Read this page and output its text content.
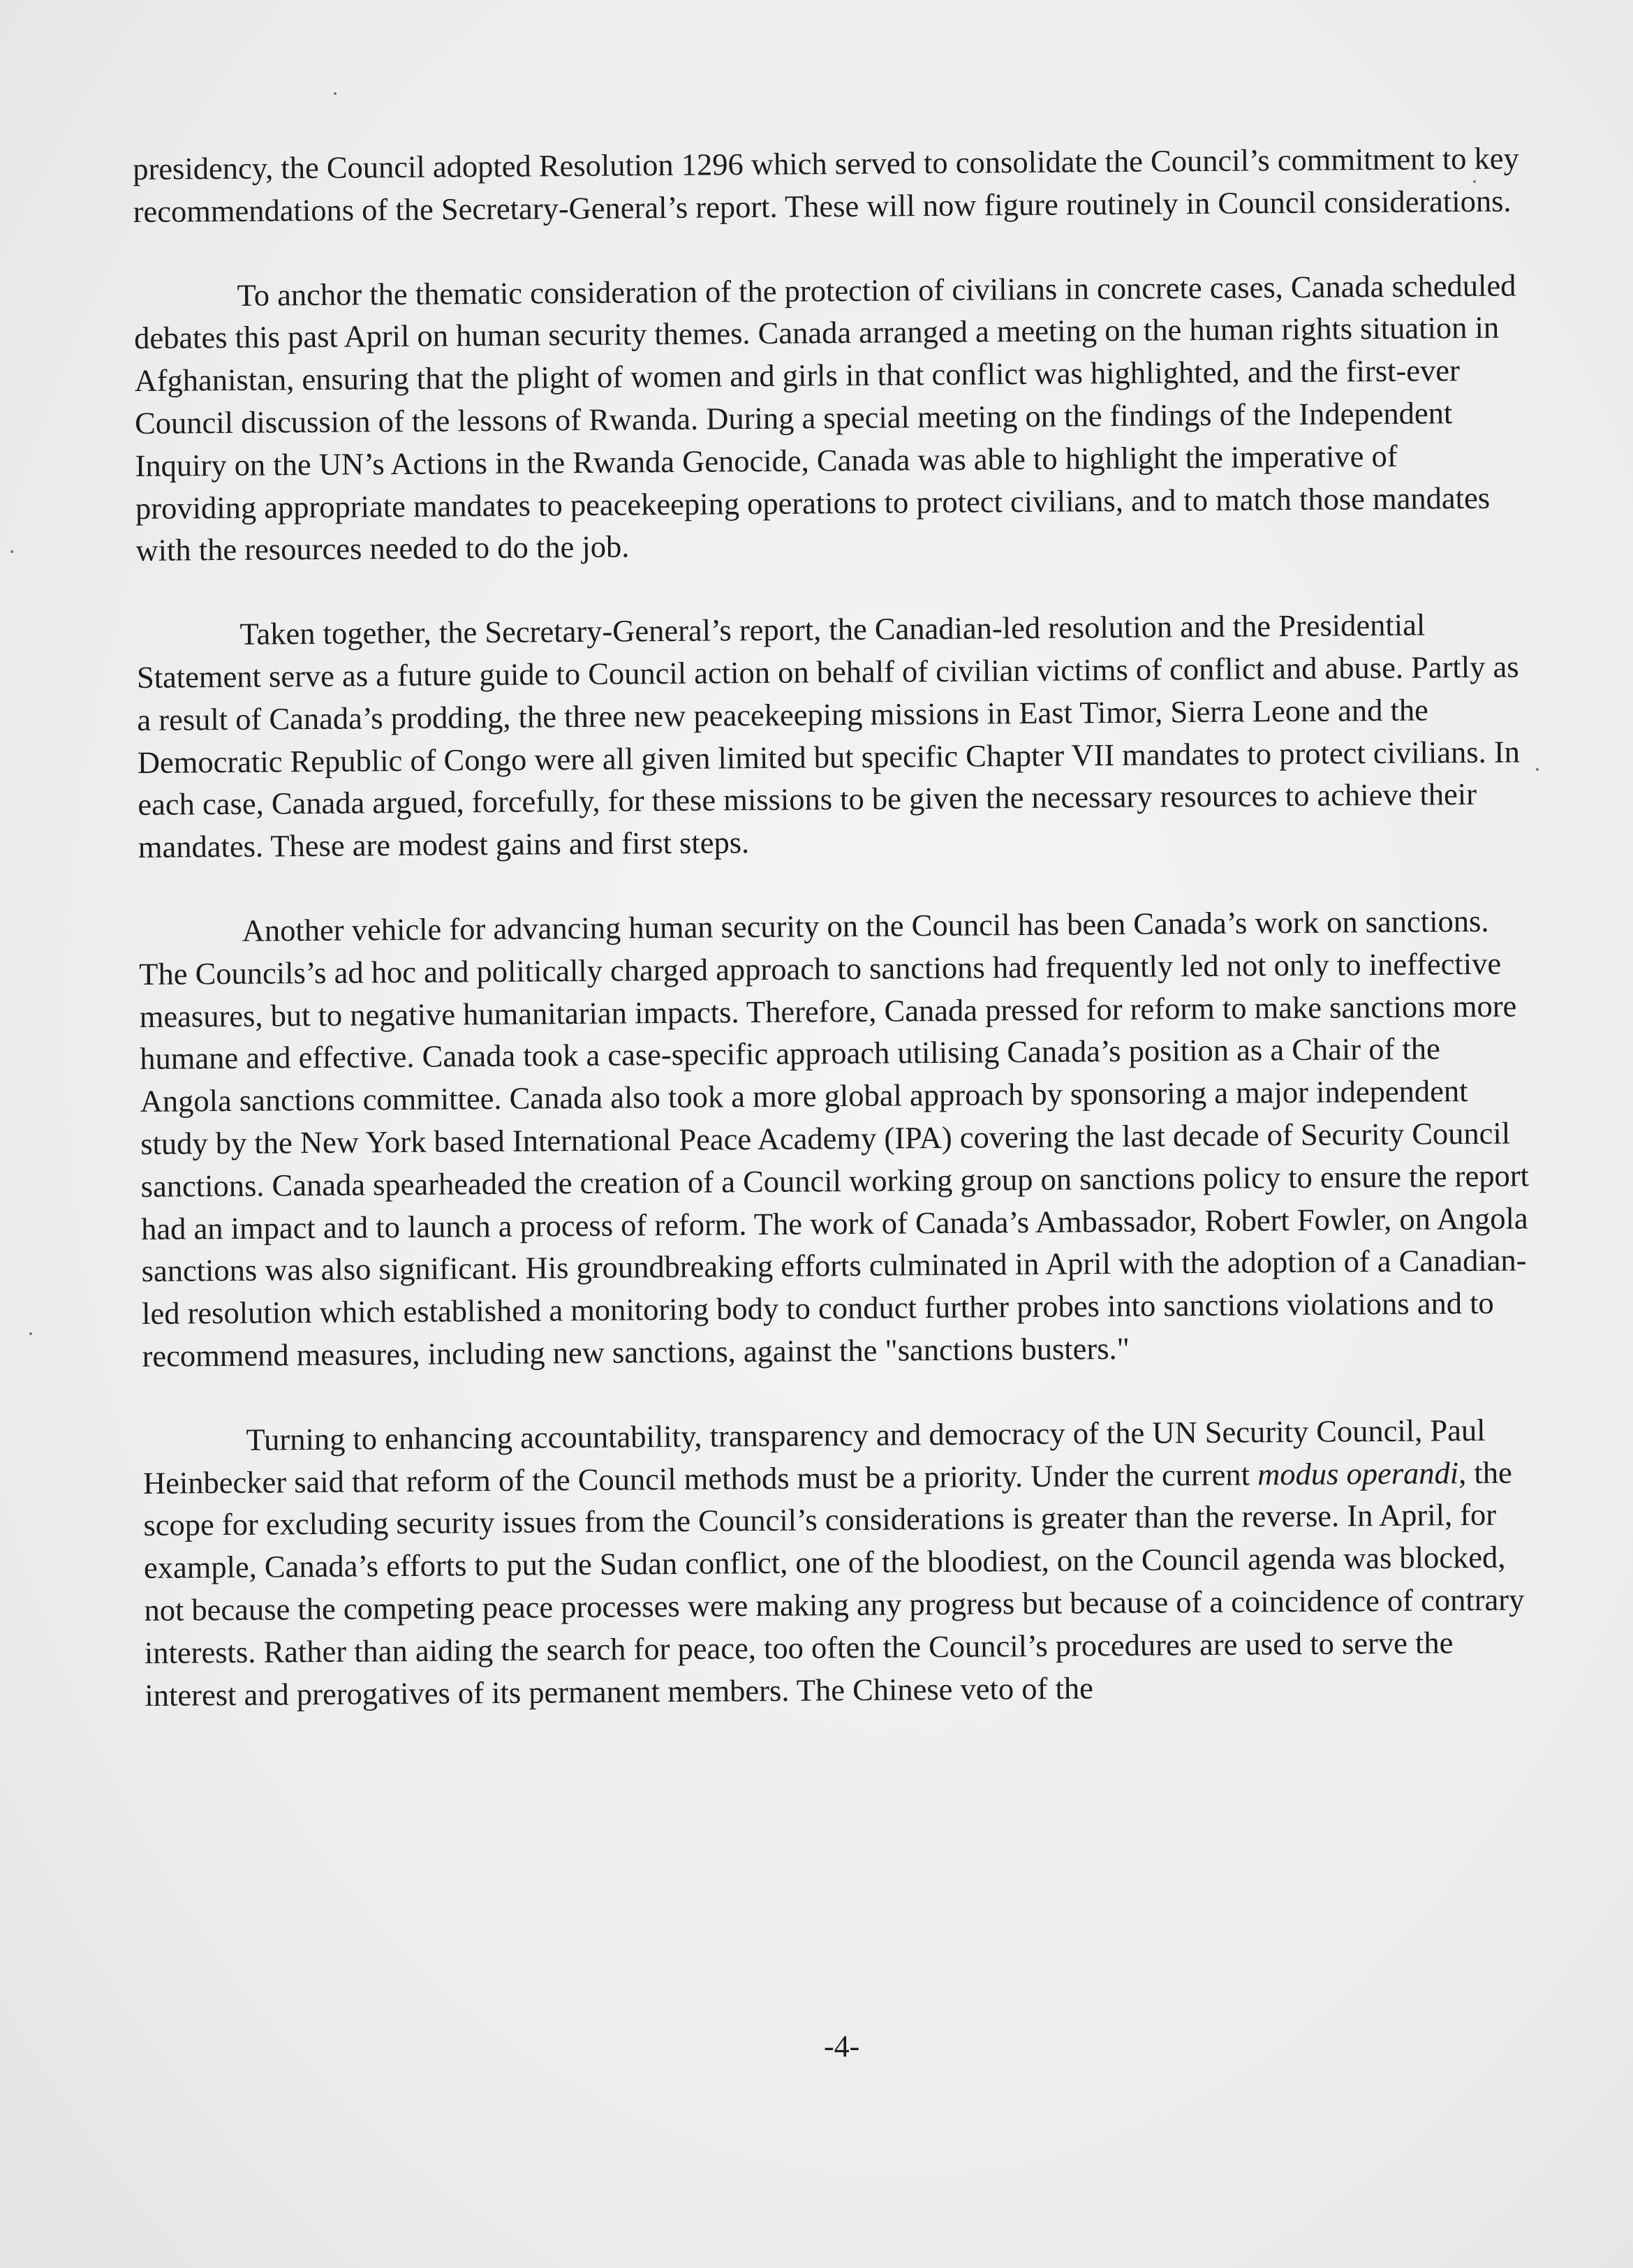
presidency, the Council adopted Resolution 1296 which served to consolidate the Council’s commitment to key recommendations of the Secretary-General’s report. These will now figure routinely in Council considerations.

To anchor the thematic consideration of the protection of civilians in concrete cases, Canada scheduled debates this past April on human security themes. Canada arranged a meeting on the human rights situation in Afghanistan, ensuring that the plight of women and girls in that conflict was highlighted, and the first-ever Council discussion of the lessons of Rwanda. During a special meeting on the findings of the Independent Inquiry on the UN’s Actions in the Rwanda Genocide, Canada was able to highlight the imperative of providing appropriate mandates to peacekeeping operations to protect civilians, and to match those mandates with the resources needed to do the job.

Taken together, the Secretary-General’s report, the Canadian-led resolution and the Presidential Statement serve as a future guide to Council action on behalf of civilian victims of conflict and abuse. Partly as a result of Canada’s prodding, the three new peacekeeping missions in East Timor, Sierra Leone and the Democratic Republic of Congo were all given limited but specific Chapter VII mandates to protect civilians. In each case, Canada argued, forcefully, for these missions to be given the necessary resources to achieve their mandates. These are modest gains and first steps.

Another vehicle for advancing human security on the Council has been Canada’s work on sanctions. The Councils’s ad hoc and politically charged approach to sanctions had frequently led not only to ineffective measures, but to negative humanitarian impacts. Therefore, Canada pressed for reform to make sanctions more humane and effective. Canada took a case-specific approach utilising Canada’s position as a Chair of the Angola sanctions committee. Canada also took a more global approach by sponsoring a major independent study by the New York based International Peace Academy (IPA) covering the last decade of Security Council sanctions. Canada spearheaded the creation of a Council working group on sanctions policy to ensure the report had an impact and to launch a process of reform. The work of Canada’s Ambassador, Robert Fowler, on Angola sanctions was also significant. His groundbreaking efforts culminated in April with the adoption of a Canadian-led resolution which established a monitoring body to conduct further probes into sanctions violations and to recommend measures, including new sanctions, against the "sanctions busters."

Turning to enhancing accountability, transparency and democracy of the UN Security Council, Paul Heinbecker said that reform of the Council methods must be a priority. Under the current modus operandi, the scope for excluding security issues from the Council’s considerations is greater than the reverse. In April, for example, Canada’s efforts to put the Sudan conflict, one of the bloodiest, on the Council agenda was blocked, not because the competing peace processes were making any progress but because of a coincidence of contrary interests. Rather than aiding the search for peace, too often the Council’s procedures are used to serve the interest and prerogatives of its permanent members. The Chinese veto of the

-4-
